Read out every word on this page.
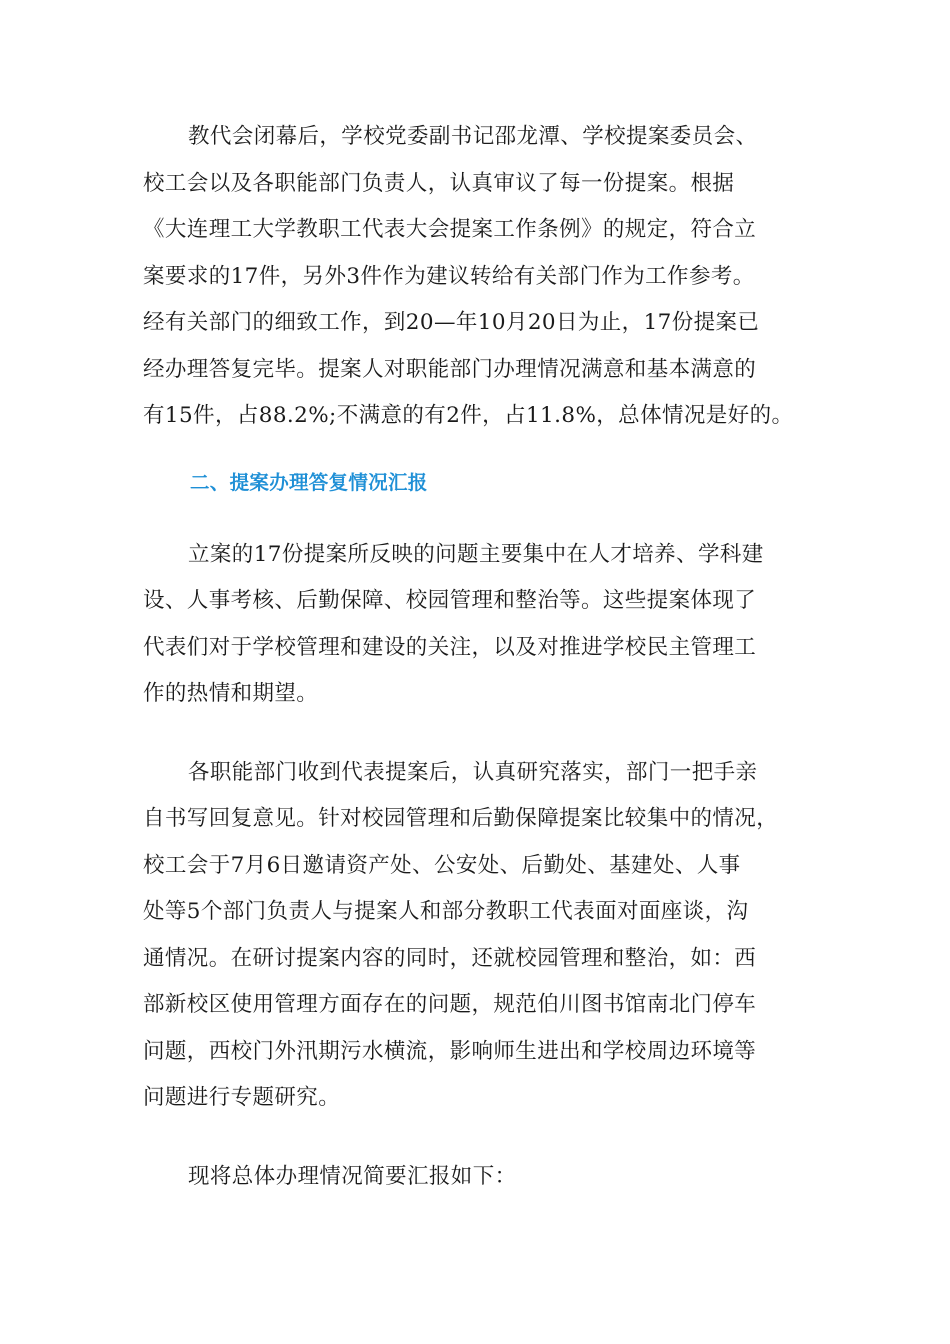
教代会闭幕后，学校党委副书记邵龙潭、学校提案委员会、
校工会以及各职能部门负责人，认真审议了每一份提案。根据
《大连理工大学教职工代表大会提案工作条例》的规定，符合立
案要求的17件，另外3件作为建议转给有关部门作为工作参考。
经有关部门的细致工作，到20—年10月20日为止，17份提案已
经办理答复完毕。提案人对职能部门办理情况满意和基本满意的
有15件，占88.2%;不满意的有2件，占11.8%，总体情况是好的。

二、提案办理答复情况汇报

立案的17份提案所反映的问题主要集中在人才培养、学科建
设、人事考核、后勤保障、校园管理和整治等。这些提案体现了
代表们对于学校管理和建设的关注，以及对推进学校民主管理工
作的热情和期望。

各职能部门收到代表提案后，认真研究落实，部门一把手亲
自书写回复意见。针对校园管理和后勤保障提案比较集中的情况，
校工会于7月6日邀请资产处、公安处、后勤处、基建处、人事
处等5个部门负责人与提案人和部分教职工代表面对面座谈，沟
通情况。在研讨提案内容的同时，还就校园管理和整治，如：西
部新校区使用管理方面存在的问题，规范伯川图书馆南北门停车
问题，西校门外汛期污水横流，影响师生进出和学校周边环境等
问题进行专题研究。

现将总体办理情况简要汇报如下：
